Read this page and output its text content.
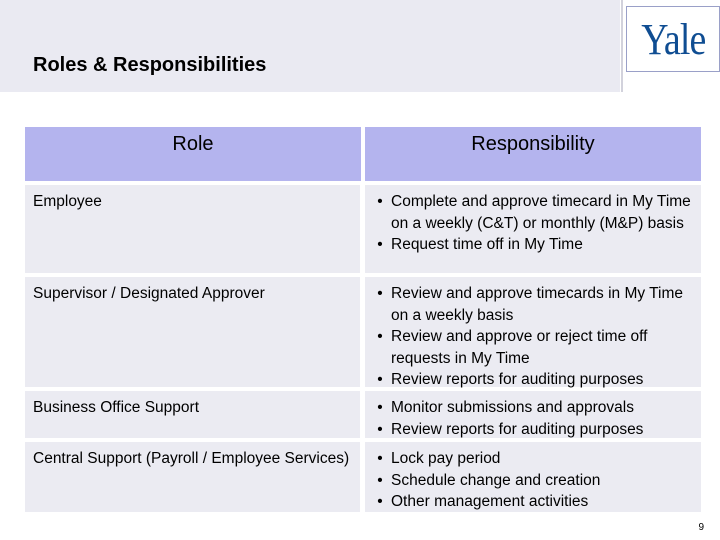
Roles & Responsibilities
Yale
Role	Responsibility
Employee	• Complete and approve timecard in My Time on a weekly (C&T) or monthly (M&P) basis
• Request time off in My Time
Supervisor / Designated Approver	• Review and approve timecards in My Time on a weekly basis
• Review and approve or reject time off requests in My Time
• Review reports for auditing purposes
Business Office Support	• Monitor submissions and approvals
• Review reports for auditing purposes
Central Support (Payroll / Employee Services)	• Lock pay period
• Schedule change and creation
• Other management activities
9
